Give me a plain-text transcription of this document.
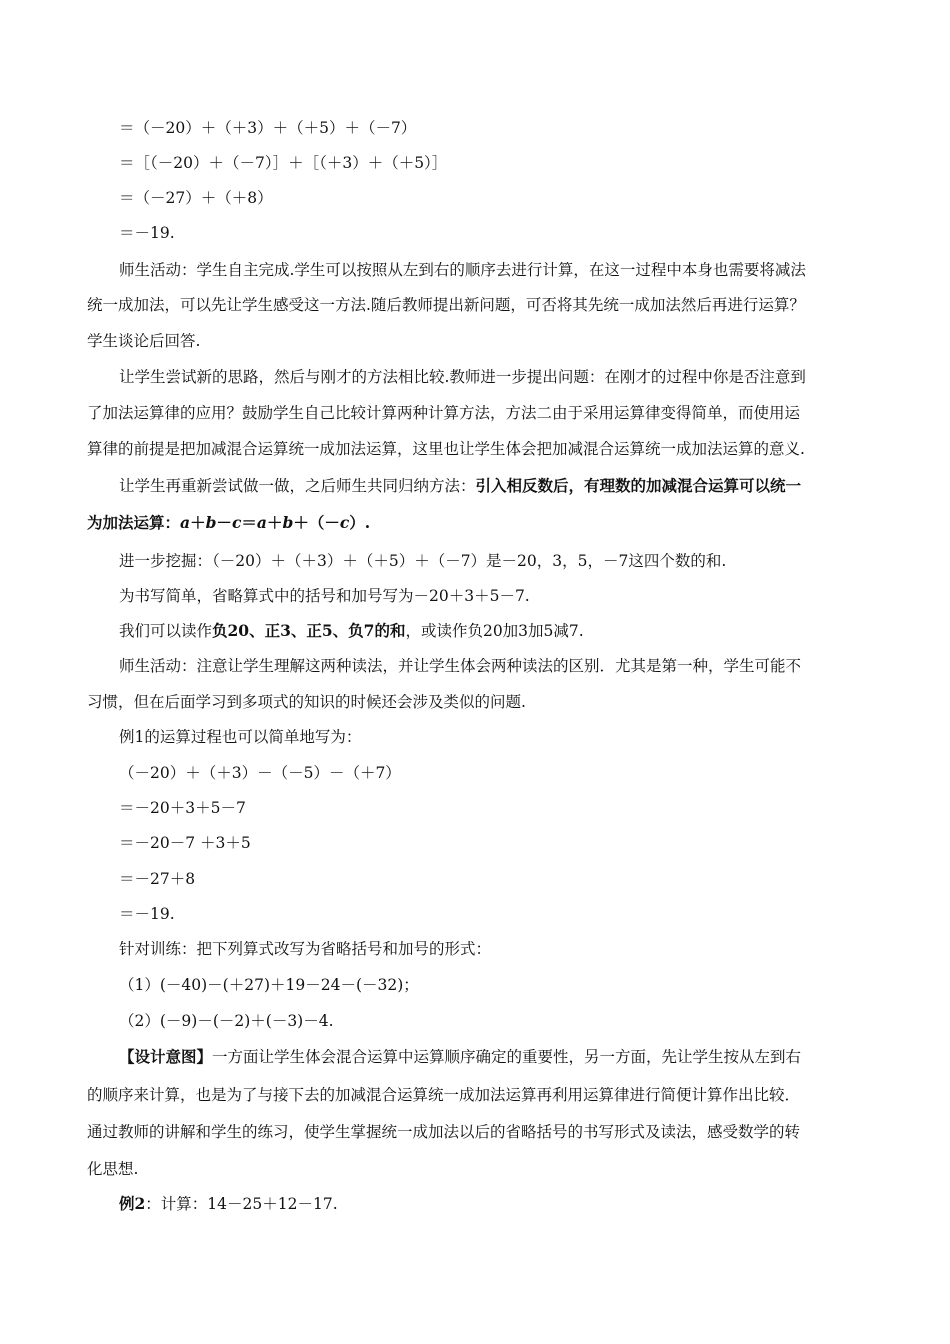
＝（－20）＋（＋3）＋（＋5）＋（－7）
＝［（－20）＋（－7）］＋［（＋3）＋（＋5）］
＝（－27）＋（＋8）
＝－19.
师生活动：学生自主完成.学生可以按照从左到右的顺序去进行计算，在这一过程中本身也需要将减法
统一成加法，可以先让学生感受这一方法.随后教师提出新问题，可否将其先统一成加法然后再进行运算？
学生谈论后回答.
让学生尝试新的思路，然后与刚才的方法相比较.教师进一步提出问题：在刚才的过程中你是否注意到
了加法运算律的应用？鼓励学生自己比较计算两种计算方法，方法二由于采用运算律变得简单，而使用运
算律的前提是把加减混合运算统一成加法运算，这里也让学生体会把加减混合运算统一成加法运算的意义.
让学生再重新尝试做一做，之后师生共同归纳方法：引入相反数后，有理数的加减混合运算可以统一
为加法运算：a＋b－c＝a＋b＋（－c）.
进一步挖掘：（－20）＋（＋3）＋（＋5）＋（－7）是－20，3，5，－7这四个数的和.
为书写简单，省略算式中的括号和加号写为－20＋3＋5－7.
我们可以读作负20、正3、正5、负7的和，或读作负20加3加5减7.
师生活动：注意让学生理解这两种读法，并让学生体会两种读法的区别．尤其是第一种，学生可能不
习惯，但在后面学习到多项式的知识的时候还会涉及类似的问题.
例1的运算过程也可以简单地写为：
（－20）＋（＋3）－（－5）－（＋7）
＝－20＋3＋5－7
＝－20－7 ＋3＋5
＝－27＋8
＝－19.
针对训练：把下列算式改写为省略括号和加号的形式：
（1）(－40)－(＋27)＋19－24－(－32)；
（2）(－9)－(－2)＋(－3)－4.
【设计意图】一方面让学生体会混合运算中运算顺序确定的重要性，另一方面，先让学生按从左到右
的顺序来计算，也是为了与接下去的加减混合运算统一成加法运算再利用运算律进行简便计算作出比较．
通过教师的讲解和学生的练习，使学生掌握统一成加法以后的省略括号的书写形式及读法，感受数学的转
化思想.
例2：计算：14－25＋12－17.
